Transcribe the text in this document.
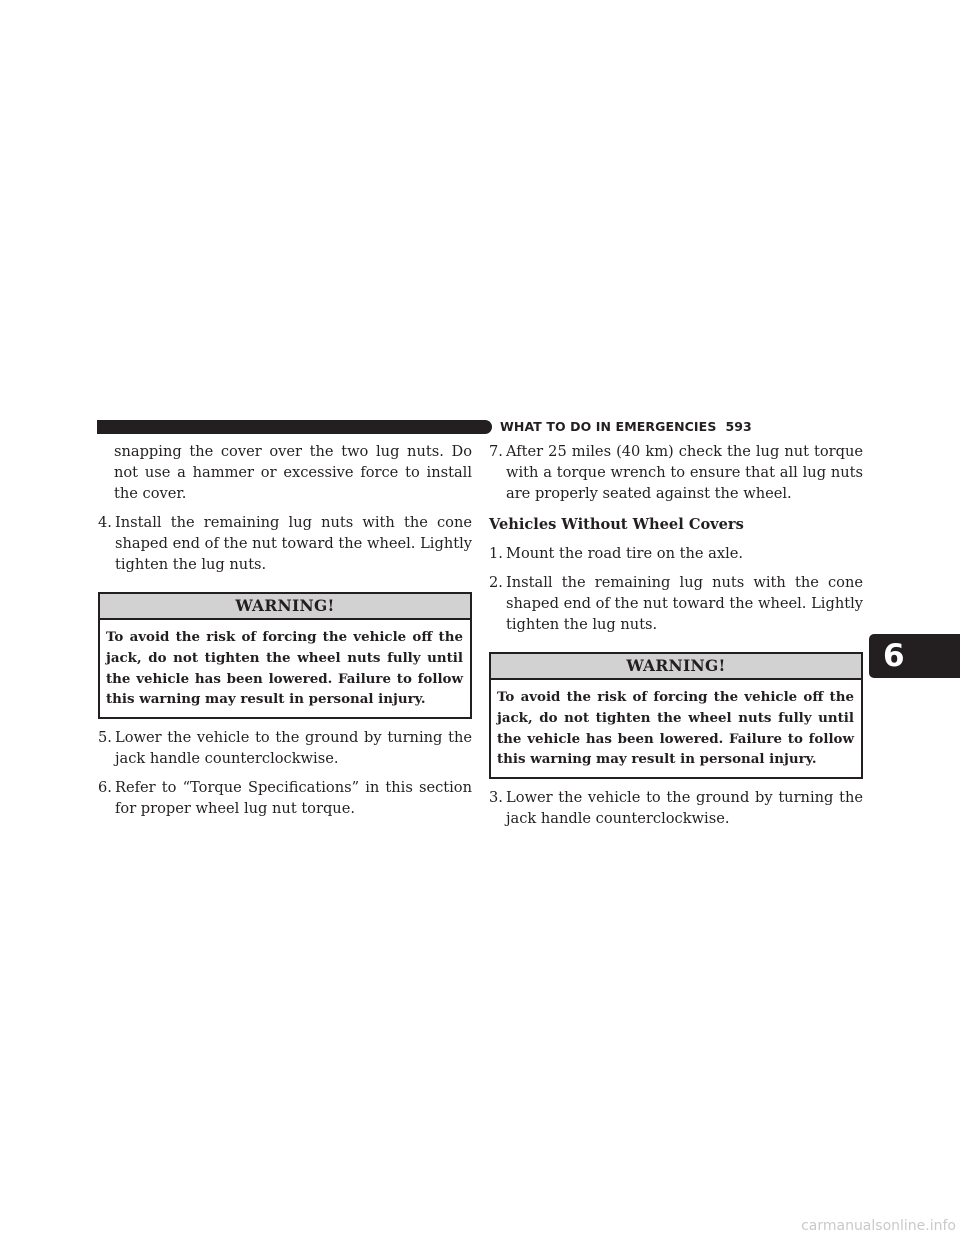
WHAT TO DO IN EMERGENCIES 593

snapping the cover over the two lug nuts. Do not use a hammer or excessive force to install the cover.

4. Install the remaining lug nuts with the cone shaped end of the nut toward the wheel. Lightly tighten the lug nuts.
WARNING!
To avoid the risk of forcing the vehicle off the jack, do not tighten the wheel nuts fully until the vehicle has been lowered. Failure to follow this warning may result in personal injury.
5. Lower the vehicle to the ground by turning the jack handle counterclockwise.
6. Refer to “Torque Specifications” in this section for proper wheel lug nut torque.
7. After 25 miles (40 km) check the lug nut torque with a torque wrench to ensure that all lug nuts are properly seated against the wheel.
Vehicles Without Wheel Covers
1. Mount the road tire on the axle.
2. Install the remaining lug nuts with the cone shaped end of the nut toward the wheel. Lightly tighten the lug nuts.
WARNING!
To avoid the risk of forcing the vehicle off the jack, do not tighten the wheel nuts fully until the vehicle has been lowered. Failure to follow this warning may result in personal injury.
3. Lower the vehicle to the ground by turning the jack handle counterclockwise.
6
carmanualsonline.info
